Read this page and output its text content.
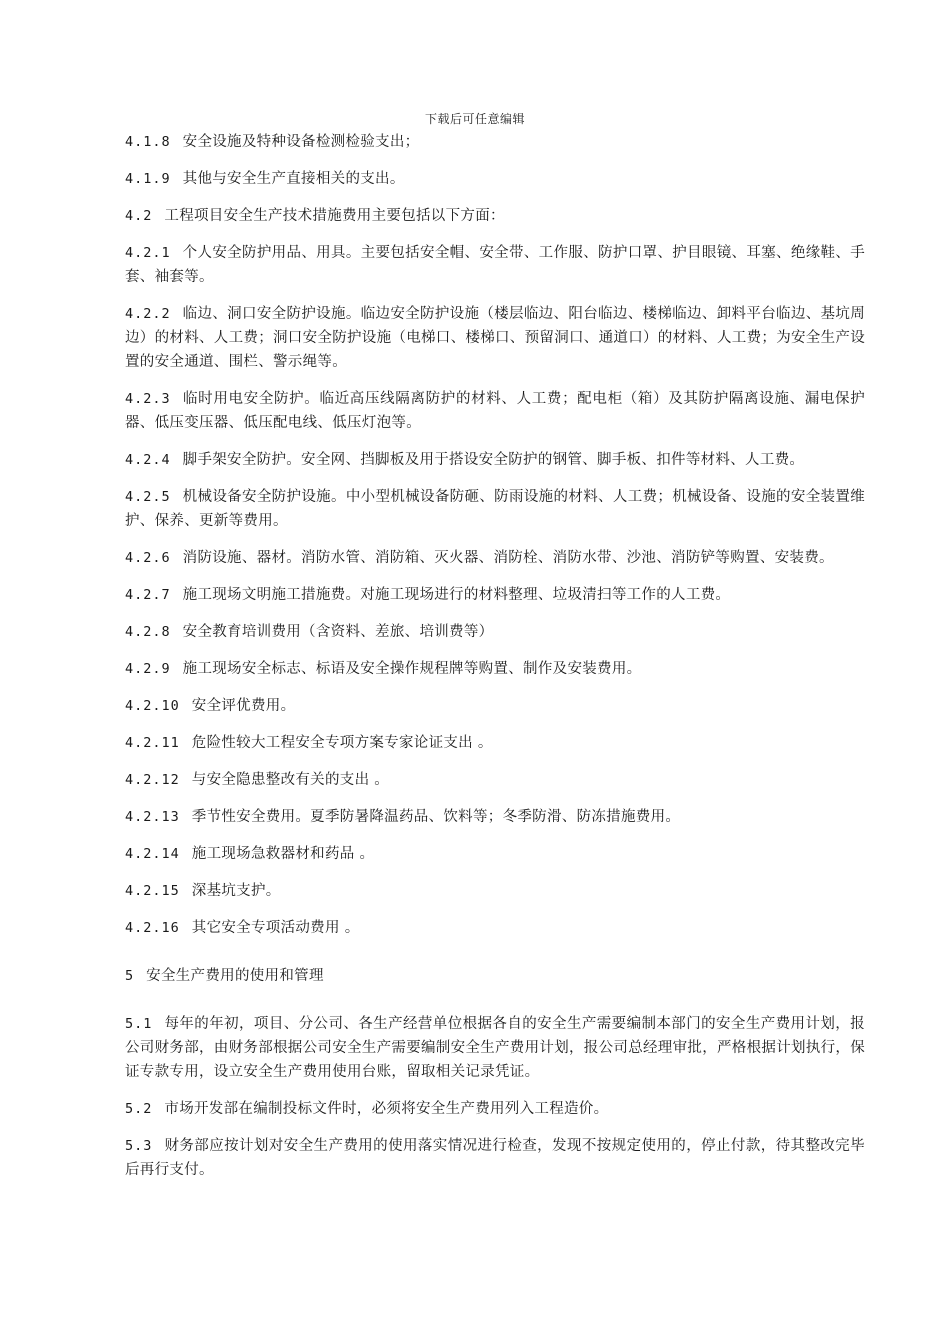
下载后可任意编辑

4.1.8 安全设施及特种设备检测检验支出；

4.1.9 其他与安全生产直接相关的支出。

4.2 工程项目安全生产技术措施费用主要包括以下方面：

4.2.1 个人安全防护用品、用具。主要包括安全帽、安全带、工作服、防护口罩、护目眼镜、耳塞、绝缘鞋、手套、袖套等。

4.2.2 临边、洞口安全防护设施。临边安全防护设施（楼层临边、阳台临边、楼梯临边、卸料平台临边、基坑周边）的材料、人工费；洞口安全防护设施（电梯口、楼梯口、预留洞口、通道口）的材料、人工费；为安全生产设置的安全通道、围栏、警示绳等。

4.2.3 临时用电安全防护。临近高压线隔离防护的材料、人工费；配电柜（箱）及其防护隔离设施、漏电保护器、低压变压器、低压配电线、低压灯泡等。

4.2.4 脚手架安全防护。安全网、挡脚板及用于搭设安全防护的钢管、脚手板、扣件等材料、人工费。

4.2.5 机械设备安全防护设施。中小型机械设备防砸、防雨设施的材料、人工费；机械设备、设施的安全装置维护、保养、更新等费用。

4.2.6 消防设施、器材。消防水管、消防箱、灭火器、消防栓、消防水带、沙池、消防铲等购置、安装费。

4.2.7 施工现场文明施工措施费。对施工现场进行的材料整理、垃圾清扫等工作的人工费。

4.2.8 安全教育培训费用（含资料、差旅、培训费等）

4.2.9 施工现场安全标志、标语及安全操作规程牌等购置、制作及安装费用。

4.2.10 安全评优费用。

4.2.11 危险性较大工程安全专项方案专家论证支出 。

4.2.12 与安全隐患整改有关的支出 。

4.2.13 季节性安全费用。夏季防暑降温药品、饮料等；冬季防滑、防冻措施费用。

4.2.14 施工现场急救器材和药品 。

4.2.15 深基坑支护。

4.2.16 其它安全专项活动费用 。

5 安全生产费用的使用和管理

5.1 每年的年初，项目、分公司、各生产经营单位根据各自的安全生产需要编制本部门的安全生产费用计划，报公司财务部，由财务部根据公司安全生产需要编制安全生产费用计划，报公司总经理审批，严格根据计划执行，保证专款专用，设立安全生产费用使用台账，留取相关记录凭证。

5.2 市场开发部在编制投标文件时，必须将安全生产费用列入工程造价。

5.3 财务部应按计划对安全生产费用的使用落实情况进行检查，发现不按规定使用的，停止付款，待其整改完毕后再行支付。
